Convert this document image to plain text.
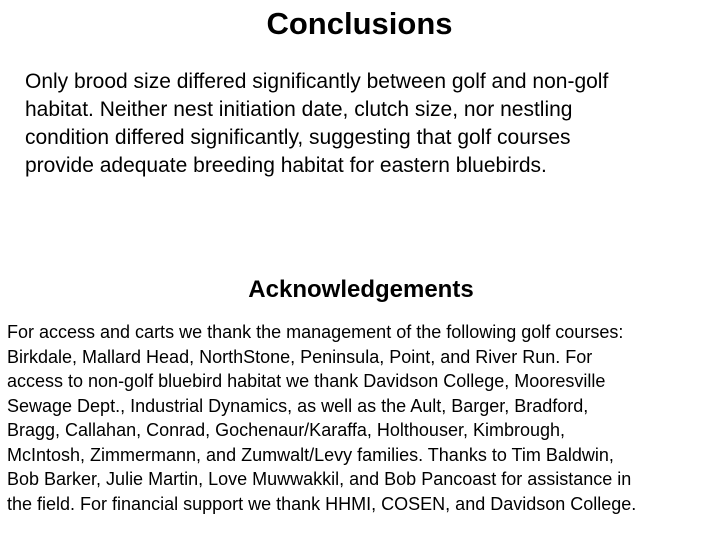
Conclusions

Only brood size differed significantly between golf and non-golf
habitat. Neither nest initiation date, clutch size, nor nestling
condition differed significantly, suggesting that golf courses
provide adequate breeding habitat for eastern bluebirds.

Acknowledgements

For access and carts we thank the management of the following golf courses:
Birkdale, Mallard Head, NorthStone, Peninsula, Point, and River Run. For
access to non-golf bluebird habitat we thank Davidson College, Mooresville
Sewage Dept., Industrial Dynamics, as well as the Ault, Barger, Bradford,
Bragg, Callahan, Conrad, Gochenaur/Karaffa, Holthouser, Kimbrough,
McIntosh, Zimmermann, and Zumwalt/Levy families. Thanks to Tim Baldwin,
Bob Barker, Julie Martin, Love Muwwakkil, and Bob Pancoast for assistance in
the field. For financial support we thank HHMI, COSEN, and Davidson College.
